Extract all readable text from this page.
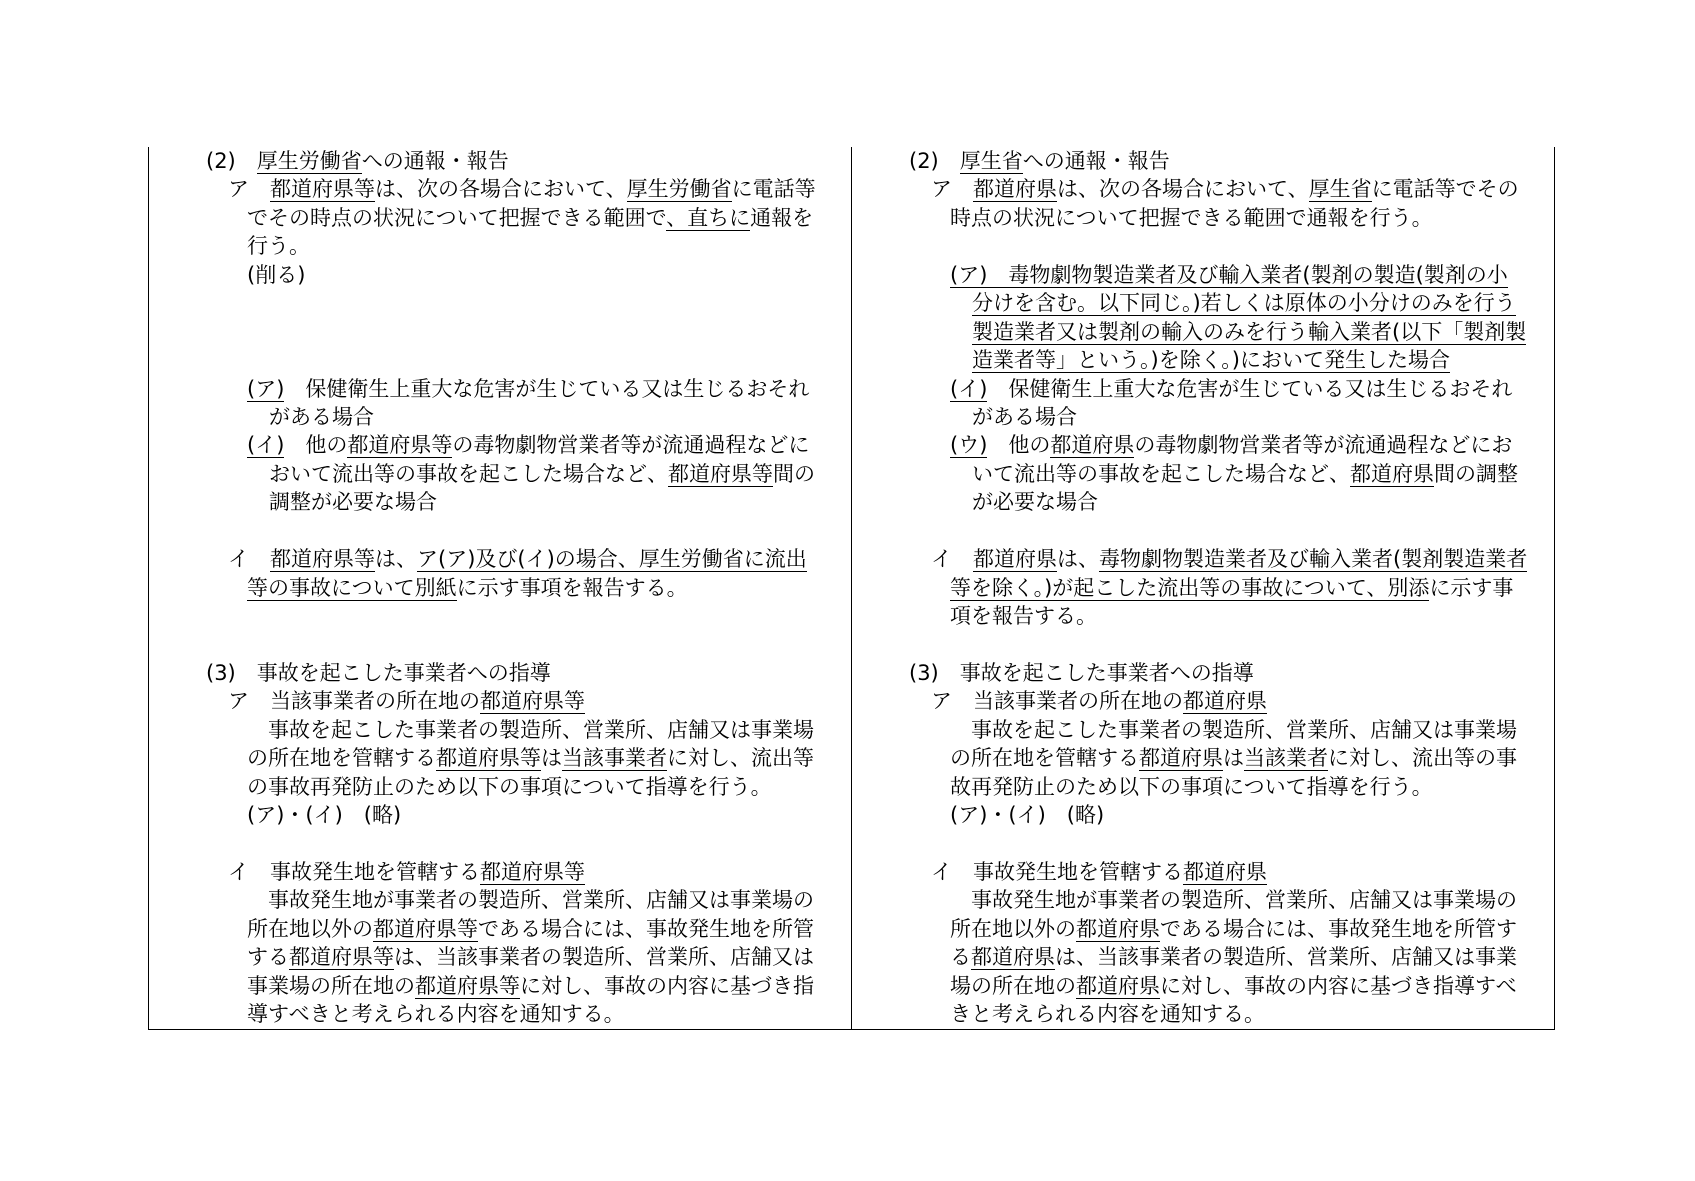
(2)　厚生労働省への通報・報告
ア　都道府県等は、次の各場合において、厚生労働省に電話等
でその時点の状況について把握できる範囲で、直ちに通報を
行う。
(削る)
(ア)　保健衛生上重大な危害が生じている又は生じるおそれ
がある場合
(イ)　他の都道府県等の毒物劇物営業者等が流通過程などに
おいて流出等の事故を起こした場合など、都道府県等間の
調整が必要な場合
イ　都道府県等は、ア(ア)及び(イ)の場合、厚生労働省に流出
等の事故について別紙に示す事項を報告する。
(3)　事故を起こした事業者への指導
ア　当該事業者の所在地の都道府県等
　事故を起こした事業者の製造所、営業所、店舗又は事業場
の所在地を管轄する都道府県等は当該事業者に対し、流出等
の事故再発防止のため以下の事項について指導を行う。
(ア)・(イ)　(略)
イ　事故発生地を管轄する都道府県等
　事故発生地が事業者の製造所、営業所、店舗又は事業場の
所在地以外の都道府県等である場合には、事故発生地を所管
する都道府県等は、当該事業者の製造所、営業所、店舗又は
事業場の所在地の都道府県等に対し、事故の内容に基づき指
導すべきと考えられる内容を通知する。
(2)　厚生省への通報・報告
ア　都道府県は、次の各場合において、厚生省に電話等でその
時点の状況について把握できる範囲で通報を行う。
(ア)　毒物劇物製造業者及び輸入業者(製剤の製造(製剤の小
分けを含む。以下同じ。)若しくは原体の小分けのみを行う
製造業者又は製剤の輸入のみを行う輸入業者(以下「製剤製
造業者等」という。)を除く。)において発生した場合
(イ)　保健衛生上重大な危害が生じている又は生じるおそれ
がある場合
(ウ)　他の都道府県の毒物劇物営業者等が流通過程などにお
いて流出等の事故を起こした場合など、都道府県間の調整
が必要な場合
イ　都道府県は、毒物劇物製造業者及び輸入業者(製剤製造業者
等を除く。)が起こした流出等の事故について、別添に示す事
項を報告する。
(3)　事故を起こした事業者への指導
ア　当該事業者の所在地の都道府県
　事故を起こした事業者の製造所、営業所、店舗又は事業場
の所在地を管轄する都道府県は当該業者に対し、流出等の事
故再発防止のため以下の事項について指導を行う。
(ア)・(イ)　(略)
イ　事故発生地を管轄する都道府県
　事故発生地が事業者の製造所、営業所、店舗又は事業場の
所在地以外の都道府県である場合には、事故発生地を所管す
る都道府県は、当該事業者の製造所、営業所、店舗又は事業
場の所在地の都道府県に対し、事故の内容に基づき指導すべ
きと考えられる内容を通知する。
